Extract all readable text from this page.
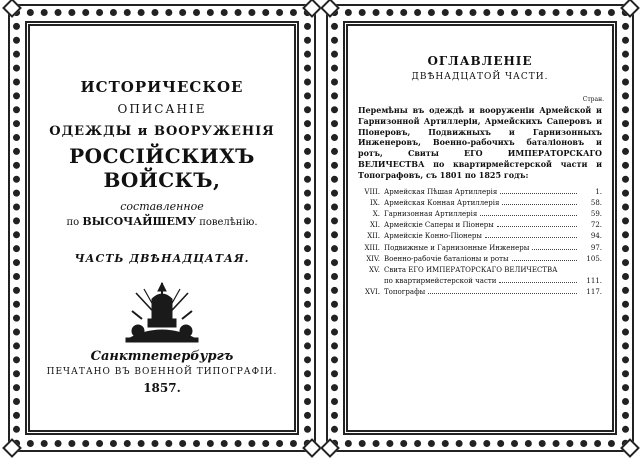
ИСТОРИЧЕСКОЕ
ОПИСАНІЕ
ОДЕЖДЫ и ВООРУЖЕНІЯ
РОССІЙСКИХЪ ВОЙСКЪ,
составленное
по ВЫСОЧАЙШЕМУ повелѣнію.
ЧАСТЬ ДВѢНАДЦАТАЯ.
Санктпетербургъ
ПЕЧАТАНО ВЪ ВОЕННОЙ ТИПОГРАФІИ.
1857.
ОГЛАВЛЕНІЕ
ДВѢНАДЦАТОЙ ЧАСТИ.
Стран.
Перемѣны въ одеждѣ и вооруженіи Армейской и Гарнизонной Артиллеріи, Армейскихъ Саперовъ и Піонеровъ, Подвижныхъ и Гарнизонныхъ Инженеровъ, Военно-рабочихъ баталіоновъ и ротъ, Свиты ЕГО ИМПЕРАТОРСКАГО ВЕЛИЧЕСТВА по квартирмейстерской части и Топографовъ, съ 1801 по 1825 годъ:
VIII. Армейская Пѣшая Артиллерія	1.
IX. Армейская Конная Артиллерія	58.
X. Гарнизонная Артиллерія	59.
XI. Армейскіе Саперы и Піонеры	72.
XII. Армейскіе Конно-Піонеры	94.
XIII. Подвижные и Гарнизонные Инженеры	97.
XIV. Военно-рабочіе баталіоны и роты	105.
XV. Свита ЕГО ИМПЕРАТОРСКАГО ВЕЛИЧЕСТВА
по квартирмейстерской части	111.
XVI. Топографы	117.
